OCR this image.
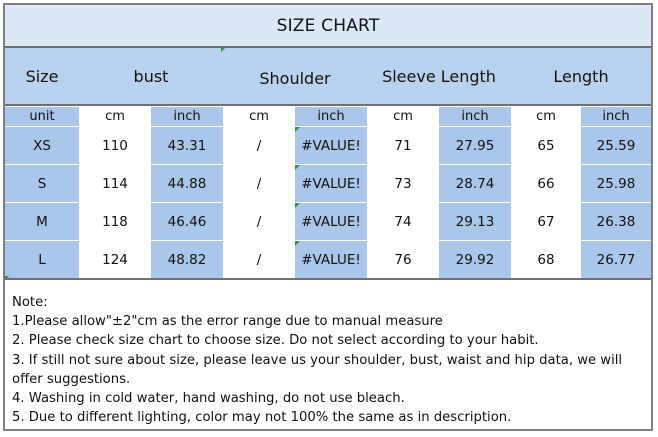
SIZE CHART
Size	bust	Shoulder	Sleeve Length	Length
unit	cm	inch	cm	inch	cm	inch	cm	inch
XS	110	43.31	/	#VALUE!	71	27.95	65	25.59
S	114	44.88	/	#VALUE!	73	28.74	66	25.98
M	118	46.46	/	#VALUE!	74	29.13	67	26.38
L	124	48.82	/	#VALUE!	76	29.92	68	26.77
Note:
1.Please allow"±2"cm as the error range due to manual measure
2. Please check size chart to choose size. Do not select according to your habit.
3. If still not sure about size, please leave us your shoulder, bust, waist and hip data, we will offer suggestions.
4. Washing in cold water, hand washing, do not use bleach.
5. Due to different lighting, color may not 100% the same as in description.
